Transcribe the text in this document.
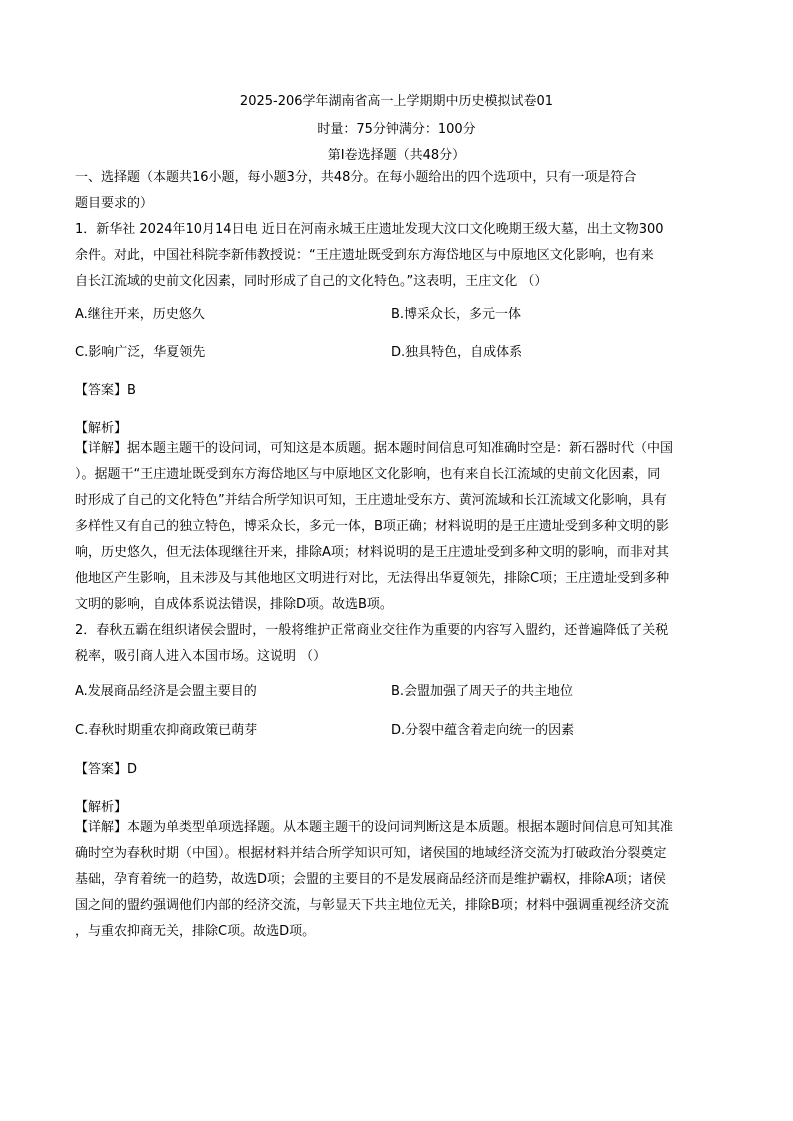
2025-206学年湖南省高一上学期期中历史模拟试卷01
时量：75分钟满分：100分
第Ⅰ卷选择题（共48分）
一、选择题（本题共16小题，每小题3分，共48分。在每小题给出的四个选项中，只有一项是符合
题目要求的）
1．新华社 2024年10月14日电 近日在河南永城王庄遗址发现大汶口文化晚期王级大墓，出土文物300
余件。对此，中国社科院李新伟教授说：“王庄遗址既受到东方海岱地区与中原地区文化影响，也有来
自长江流域的史前文化因素，同时形成了自己的文化特色。”这表明，王庄文化 （）
A.继往开来，历史悠久	B.博采众长，多元一体
C.影响广泛，华夏领先	D.独具特色，自成体系
【答案】B
【解析】
【详解】据本题主题干的设问词，可知这是本质题。据本题时间信息可知准确时空是：新石器时代（中国
）。据题干“王庄遗址既受到东方海岱地区与中原地区文化影响，也有来自长江流域的史前文化因素，同
时形成了自己的文化特色”并结合所学知识可知，王庄遗址受东方、黄河流域和长江流域文化影响，具有
多样性又有自己的独立特色，博采众长，多元一体，B项正确；材料说明的是王庄遗址受到多种文明的影
响，历史悠久，但无法体现继往开来，排除A项；材料说明的是王庄遗址受到多种文明的影响，而非对其
他地区产生影响，且未涉及与其他地区文明进行对比，无法得出华夏领先，排除C项；王庄遗址受到多种
文明的影响，自成体系说法错误，排除D项。故选B项。
2．春秋五霸在组织诸侯会盟时，一般将维护正常商业交往作为重要的内容写入盟约，还普遍降低了关税
税率，吸引商人进入本国市场。这说明 （）
A.发展商品经济是会盟主要目的	B.会盟加强了周天子的共主地位
C.春秋时期重农抑商政策已萌芽	D.分裂中蕴含着走向统一的因素
【答案】D
【解析】
【详解】本题为单类型单项选择题。从本题主题干的设问词判断这是本质题。根据本题时间信息可知其准
确时空为春秋时期（中国）。根据材料并结合所学知识可知，诸侯国的地域经济交流为打破政治分裂奠定
基础，孕育着统一的趋势，故选D项；会盟的主要目的不是发展商品经济而是维护霸权，排除A项；诸侯
国之间的盟约强调他们内部的经济交流，与彰显天下共主地位无关，排除B项；材料中强调重视经济交流
，与重农抑商无关，排除C项。故选D项。
